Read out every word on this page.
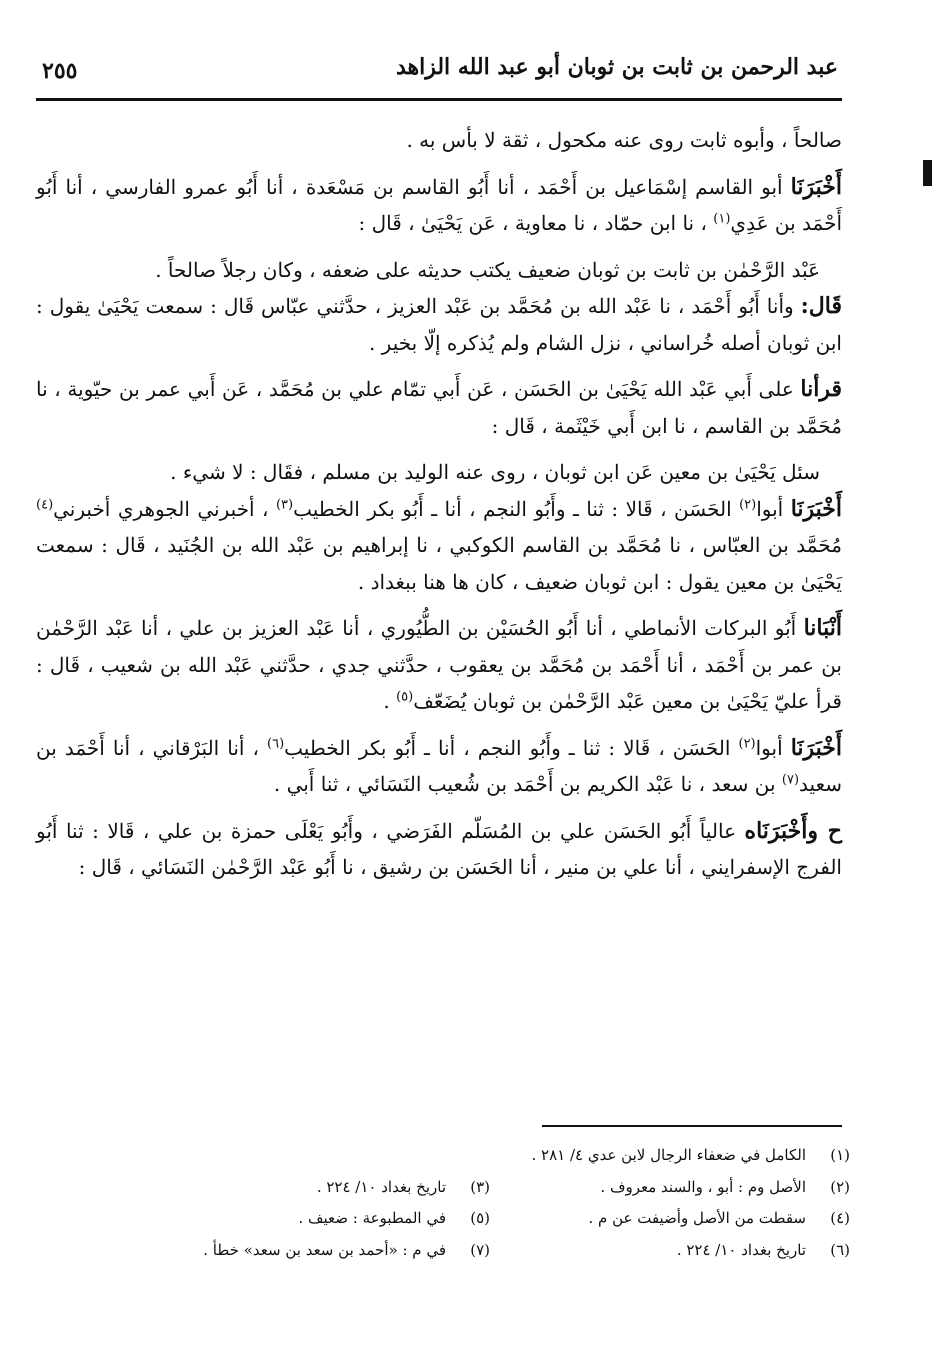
عبد الرحمن بن ثابت بن ثوبان أبو عبد الله الزاهد
٢٥٥

صالحاً ، وأبوه ثابت روى عنه مكحول ، ثقة لا بأس به .

أَخْبَرَنَا أبو القاسم إسْمَاعيل بن أَحْمَد ، أنا أَبُو القاسم بن مَسْعَدة ، أنا أَبُو عمرو الفارسي ، أنا أَبُو أَحْمَد بن عَدِي$^{(١)}$ ، نا ابن حمّاد ، نا معاوية ، عَن يَحْيَىٰ ، قَال :

عَبْد الرَّحْمٰن بن ثابت بن ثوبان ضعيف يكتب حديثه على ضعفه ، وكان رجلاً صالحاً .

قَال: وأنا أَبُو أَحْمَد ، نا عَبْد الله بن مُحَمَّد بن عَبْد العزيز ، حدَّثني عبّاس قَال : سمعت يَحْيَىٰ يقول : ابن ثوبان أصله خُراساني ، نزل الشام ولم يُذكره إلّا بخير .

قرأنا على أَبي عَبْد الله يَحْيَىٰ بن الحَسَن ، عَن أَبي تمّام علي بن مُحَمَّد ، عَن أَبي عمر بن حيّوية ، نا مُحَمَّد بن القاسم ، نا ابن أَبي خَيْثَمة ، قَال :

سئل يَحْيَىٰ بن معين عَن ابن ثوبان ، روى عنه الوليد بن مسلم ، فقَال : لا شيء .

أَخْبَرَنَا أبوا$^{(٢)}$ الحَسَن ، قَالا : ثنا ـ وأَبُو النجم ، أنا ـ أَبُو بكر الخطيب$^{(٣)}$ ، أخبرني الجوهري أخبرني$^{(٤)}$ مُحَمَّد بن العبّاس ، نا مُحَمَّد بن القاسم الكوكبي ، نا إبراهيم بن عَبْد الله بن الجُنَيد ، قَال : سمعت يَحْيَىٰ بن معين يقول : ابن ثوبان ضعيف ، كان ها هنا ببغداد .

أَنْبَانا أَبُو البركات الأنماطي ، أنا أَبُو الحُسَيْن بن الطُّيُوري ، أنا عَبْد العزيز بن علي ، أنا عَبْد الرَّحْمٰن بن عمر بن أَحْمَد ، أنا أَحْمَد بن مُحَمَّد بن يعقوب ، حدَّثني جدي ، حدَّثني عَبْد الله بن شعيب ، قَال : قرأ عليّ يَحْيَىٰ بن معين عَبْد الرَّحْمٰن بن ثوبان يُضَعّف$^{(٥)}$ .

أَخْبَرَنَا أبوا$^{(٢)}$ الحَسَن ، قَالا : ثنا ـ وأَبُو النجم ، أنا ـ أَبُو بكر الخطيب$^{(٦)}$ ، أنا البَرْقاني ، أنا أَحْمَد بن سعيد$^{(٧)}$ بن سعد ، نا عَبْد الكريم بن أَحْمَد بن شُعيب النَسَائي ، ثنا أَبي .

ح وأَخْبَرَنَاه عالياً أَبُو الحَسَن علي بن المُسَلّم الفَرَضي ، وأَبُو يَعْلَى حمزة بن علي ، قَالا : ثنا أَبُو الفرج الإسفرايني ، أنا علي بن منير ، أنا الحَسَن بن رشيق ، نا أَبُو عَبْد الرَّحْمٰن النَسَائي ، قَال :

(١)الكامل في ضعفاء الرجال لابن عدي ٤/ ٢٨١ .
(٢)الأصل وم : أبو ، والسند معروف .
(٣)تاريخ بغداد ١٠/ ٢٢٤ .
(٤)سقطت من الأصل وأضيفت عن م .
(٥)في المطبوعة : ضعيف .
(٦)تاريخ بغداد ١٠/ ٢٢٤ .
(٧)في م : «أحمد بن سعد بن سعد» خطأ .
